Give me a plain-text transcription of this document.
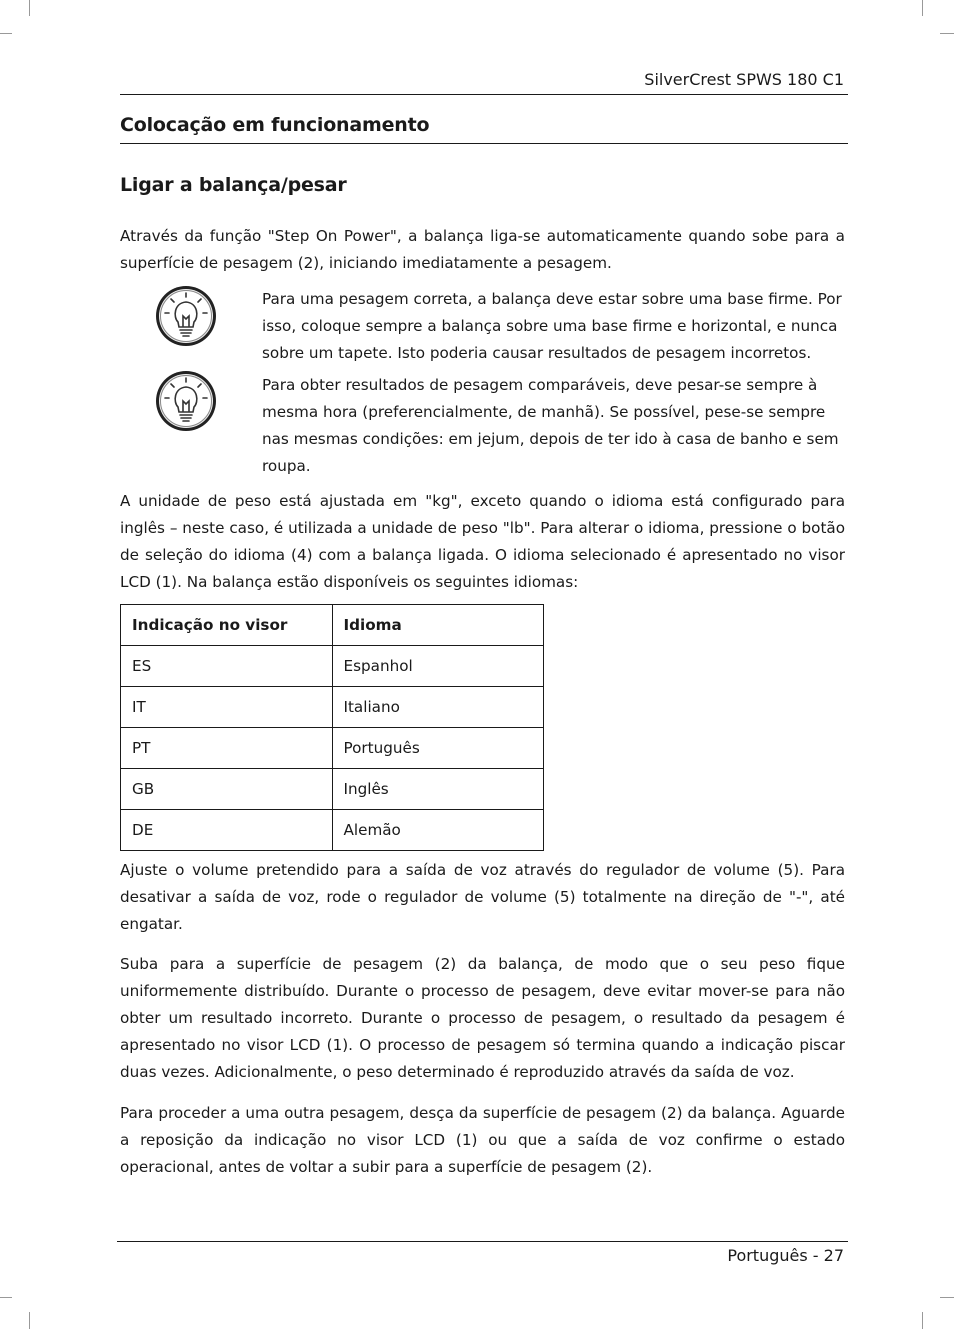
SilverCrest SPWS 180 C1
Colocação em funcionamento
Ligar a balança/pesar

Através da função "Step On Power", a balança liga-se automaticamente quando sobe para a superfície de pesagem (2), iniciando imediatamente a pesagem.

Para uma pesagem correta, a balança deve estar sobre uma base firme. Por isso, coloque sempre a balança sobre uma base firme e horizontal, e nunca sobre um tapete. Isto poderia causar resultados de pesagem incorretos.

Para obter resultados de pesagem comparáveis, deve pesar-se sempre à mesma hora (preferencialmente, de manhã). Se possível, pese-se sempre nas mesmas condições: em jejum, depois de ter ido à casa de banho e sem roupa.

A unidade de peso está ajustada em "kg", exceto quando o idioma está configurado para inglês – neste caso, é utilizada a unidade de peso "lb". Para alterar o idioma, pressione o botão de seleção do idioma (4) com a balança ligada. O idioma selecionado é apresentado no visor LCD (1). Na balança estão disponíveis os seguintes idiomas:

Indicação no visor	Idioma
ES	Espanhol
IT	Italiano
PT	Português
GB	Inglês
DE	Alemão

Ajuste o volume pretendido para a saída de voz através do regulador de volume (5). Para desativar a saída de voz, rode o regulador de volume (5) totalmente na direção de "-", até engatar.

Suba para a superfície de pesagem (2) da balança, de modo que o seu peso fique uniformemente distribuído. Durante o processo de pesagem, deve evitar mover-se para não obter um resultado incorreto. Durante o processo de pesagem, o resultado da pesagem é apresentado no visor LCD (1). O processo de pesagem só termina quando a indicação piscar duas vezes. Adicionalmente, o peso determinado é reproduzido através da saída de voz.

Para proceder a uma outra pesagem, desça da superfície de pesagem (2) da balança. Aguarde a reposição da indicação no visor LCD (1) ou que a saída de voz confirme o estado operacional, antes de voltar a subir para a superfície de pesagem (2).

Português - 27
